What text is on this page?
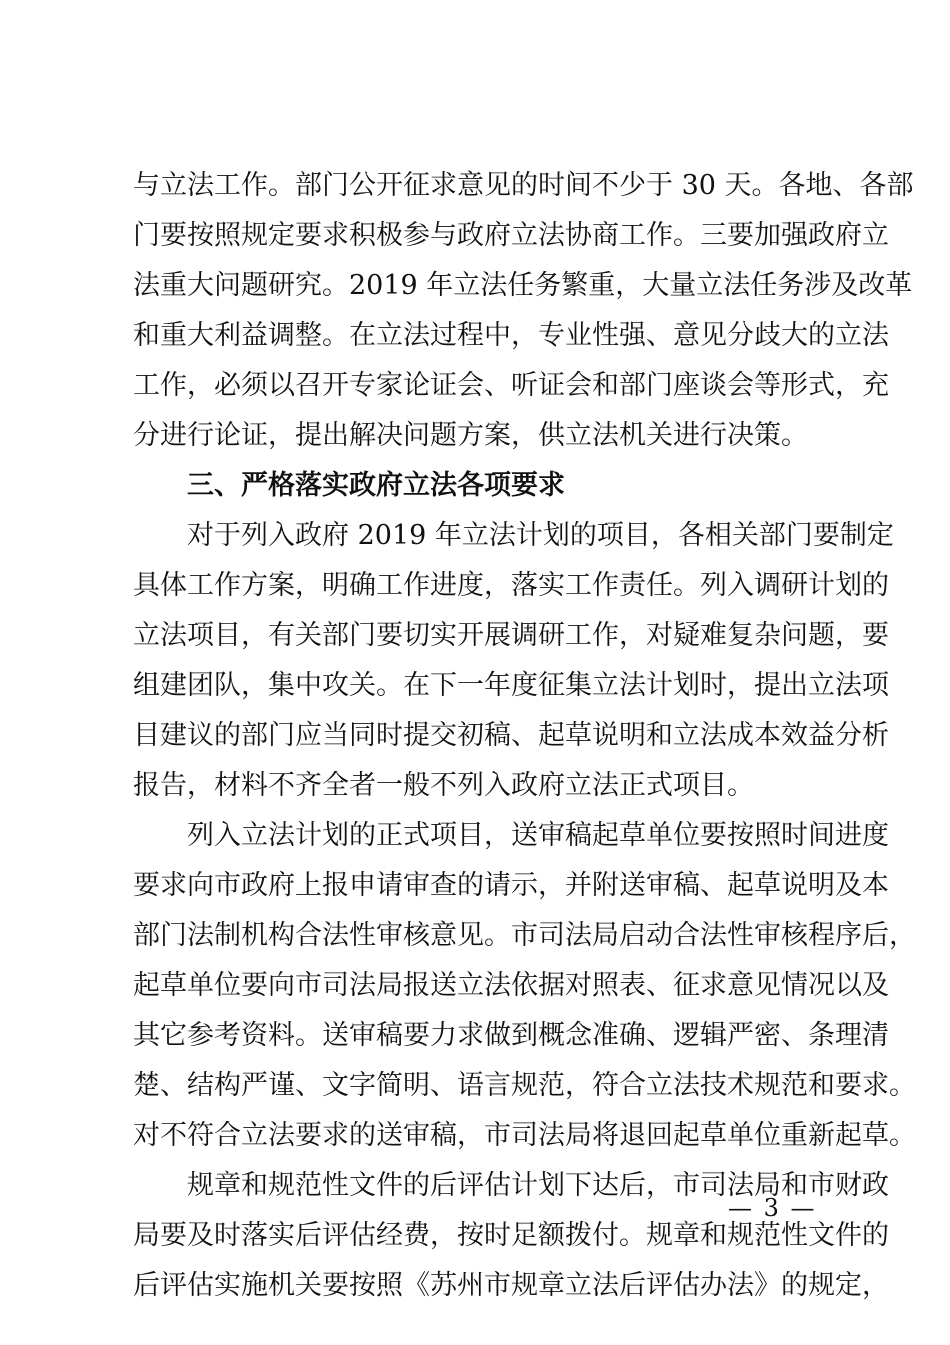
与立法工作。部门公开征求意见的时间不少于 30 天。各地、各部
门要按照规定要求积极参与政府立法协商工作。三要加强政府立
法重大问题研究。2019 年立法任务繁重，大量立法任务涉及改革
和重大利益调整。在立法过程中，专业性强、意见分歧大的立法
工作，必须以召开专家论证会、听证会和部门座谈会等形式，充
分进行论证，提出解决问题方案，供立法机关进行决策。
三、严格落实政府立法各项要求
对于列入政府 2019 年立法计划的项目，各相关部门要制定
具体工作方案，明确工作进度，落实工作责任。列入调研计划的
立法项目，有关部门要切实开展调研工作，对疑难复杂问题，要
组建团队，集中攻关。在下一年度征集立法计划时，提出立法项
目建议的部门应当同时提交初稿、起草说明和立法成本效益分析
报告，材料不齐全者一般不列入政府立法正式项目。
列入立法计划的正式项目，送审稿起草单位要按照时间进度
要求向市政府上报申请审查的请示，并附送审稿、起草说明及本
部门法制机构合法性审核意见。市司法局启动合法性审核程序后，
起草单位要向市司法局报送立法依据对照表、征求意见情况以及
其它参考资料。送审稿要力求做到概念准确、逻辑严密、条理清
楚、结构严谨、文字简明、语言规范，符合立法技术规范和要求。
对不符合立法要求的送审稿，市司法局将退回起草单位重新起草。
规章和规范性文件的后评估计划下达后，市司法局和市财政
局要及时落实后评估经费，按时足额拨付。规章和规范性文件的
后评估实施机关要按照《苏州市规章立法后评估办法》的规定，
— 3 —
